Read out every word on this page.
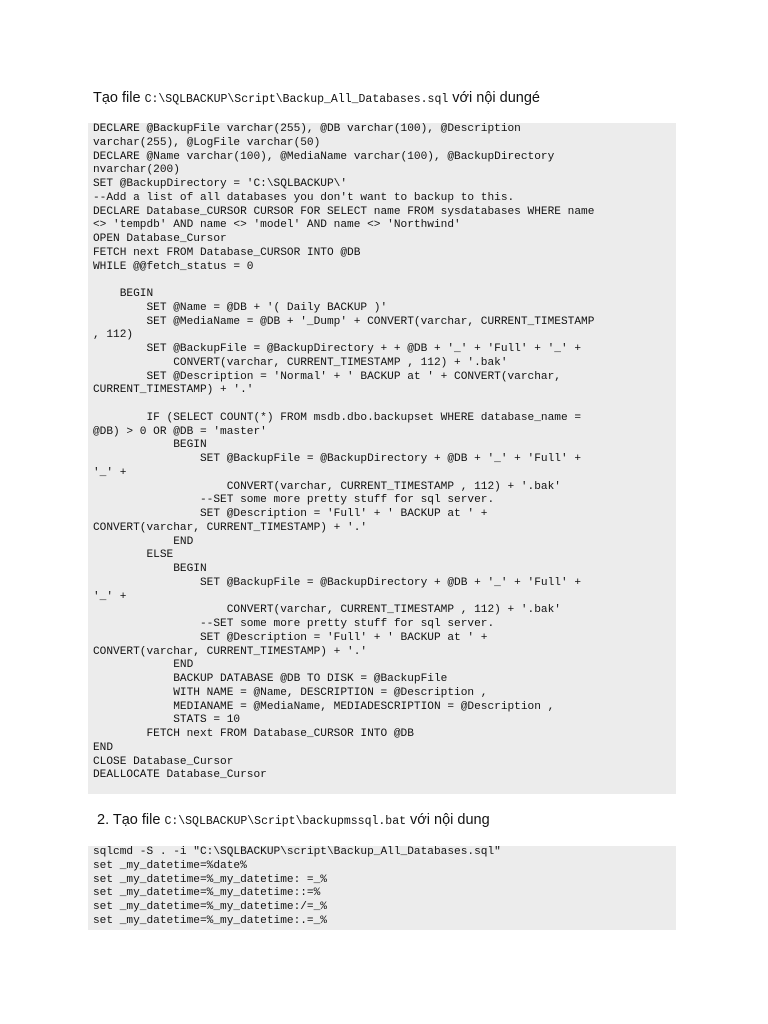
Tạo file C:\SQLBACKUP\Script\Backup_All_Databases.sql với nội dungé
DECLARE @BackupFile varchar(255), @DB varchar(100), @Description
varchar(255), @LogFile varchar(50)
DECLARE @Name varchar(100), @MediaName varchar(100), @BackupDirectory
nvarchar(200)
SET @BackupDirectory = 'C:\SQLBACKUP\'
--Add a list of all databases you don't want to backup to this.
DECLARE Database_CURSOR CURSOR FOR SELECT name FROM sysdatabases WHERE name
<> 'tempdb' AND name <> 'model' AND name <> 'Northwind'
OPEN Database_Cursor
FETCH next FROM Database_CURSOR INTO @DB
WHILE @@fetch_status = 0

BEGIN
SET @Name = @DB + '( Daily BACKUP )'
SET @MediaName = @DB + '_Dump' + CONVERT(varchar, CURRENT_TIMESTAMP
, 112)
SET @BackupFile = @BackupDirectory + + @DB + '_' + 'Full' + '_' +
CONVERT(varchar, CURRENT_TIMESTAMP , 112) + '.bak'
SET @Description = 'Normal' + ' BACKUP at ' + CONVERT(varchar,
CURRENT_TIMESTAMP) + '.'

IF (SELECT COUNT(*) FROM msdb.dbo.backupset WHERE database_name =
@DB) > 0 OR @DB = 'master'
BEGIN
SET @BackupFile = @BackupDirectory + @DB + '_' + 'Full' +
'_' +
CONVERT(varchar, CURRENT_TIMESTAMP , 112) + '.bak'
--SET some more pretty stuff for sql server.
SET @Description = 'Full' + ' BACKUP at ' +
CONVERT(varchar, CURRENT_TIMESTAMP) + '.'
END
ELSE
BEGIN
SET @BackupFile = @BackupDirectory + @DB + '_' + 'Full' +
'_' +
CONVERT(varchar, CURRENT_TIMESTAMP , 112) + '.bak'
--SET some more pretty stuff for sql server.
SET @Description = 'Full' + ' BACKUP at ' +
CONVERT(varchar, CURRENT_TIMESTAMP) + '.'
END
BACKUP DATABASE @DB TO DISK = @BackupFile
WITH NAME = @Name, DESCRIPTION = @Description ,
MEDIANAME = @MediaName, MEDIADESCRIPTION = @Description ,
STATS = 10
FETCH next FROM Database_CURSOR INTO @DB
END
CLOSE Database_Cursor
DEALLOCATE Database_Cursor
2. Tạo file C:\SQLBACKUP\Script\backupmssql.bat với nội dung
sqlcmd -S . -i "C:\SQLBACKUP\script\Backup_All_Databases.sql"
set _my_datetime=%date%
set _my_datetime=%_my_datetime: =_%
set _my_datetime=%_my_datetime::=%
set _my_datetime=%_my_datetime:/=_%
set _my_datetime=%_my_datetime:.=_%
